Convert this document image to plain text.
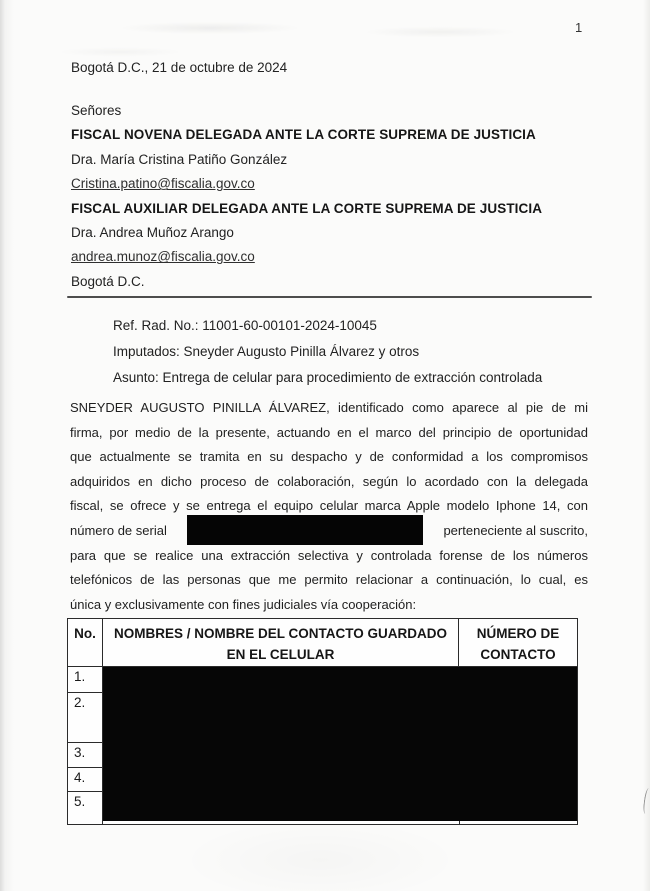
1
Bogotá D.C., 21 de octubre de 2024
Señores
FISCAL NOVENA DELEGADA ANTE LA CORTE SUPREMA DE JUSTICIA
Dra. María Cristina Patiño González
Cristina.patino@fiscalia.gov.co
FISCAL AUXILIAR DELEGADA ANTE LA CORTE SUPREMA DE JUSTICIA
Dra. Andrea Muñoz Arango
andrea.munoz@fiscalia.gov.co
Bogotá D.C.
Ref. Rad. No.: 11001-60-00101-2024-10045
Imputados: Sneyder Augusto Pinilla Álvarez y otros
Asunto: Entrega de celular para procedimiento de extracción controlada
SNEYDER AUGUSTO PINILLA ÁLVAREZ, identificado como aparece al pie de mi
firma, por medio de la presente, actuando en el marco del principio de oportunidad
que actualmente se tramita en su despacho y de conformidad a los compromisos
adquiridos en dicho proceso de colaboración, según lo acordado con la delegada
fiscal, se ofrece y se entrega el equipo celular marca Apple modelo Iphone 14, con
número de serial	perteneciente al suscrito,
para que se realice una extracción selectiva y controlada forense de los números
telefónicos de las personas que me permito relacionar a continuación, lo cual, es
única y exclusivamente con fines judiciales vía cooperación:
No.	NOMBRES / NOMBRE DEL CONTACTO GUARDADO EN EL CELULAR
NÚMERO DE CONTACTO
1.
2.
3.
4.
5.
